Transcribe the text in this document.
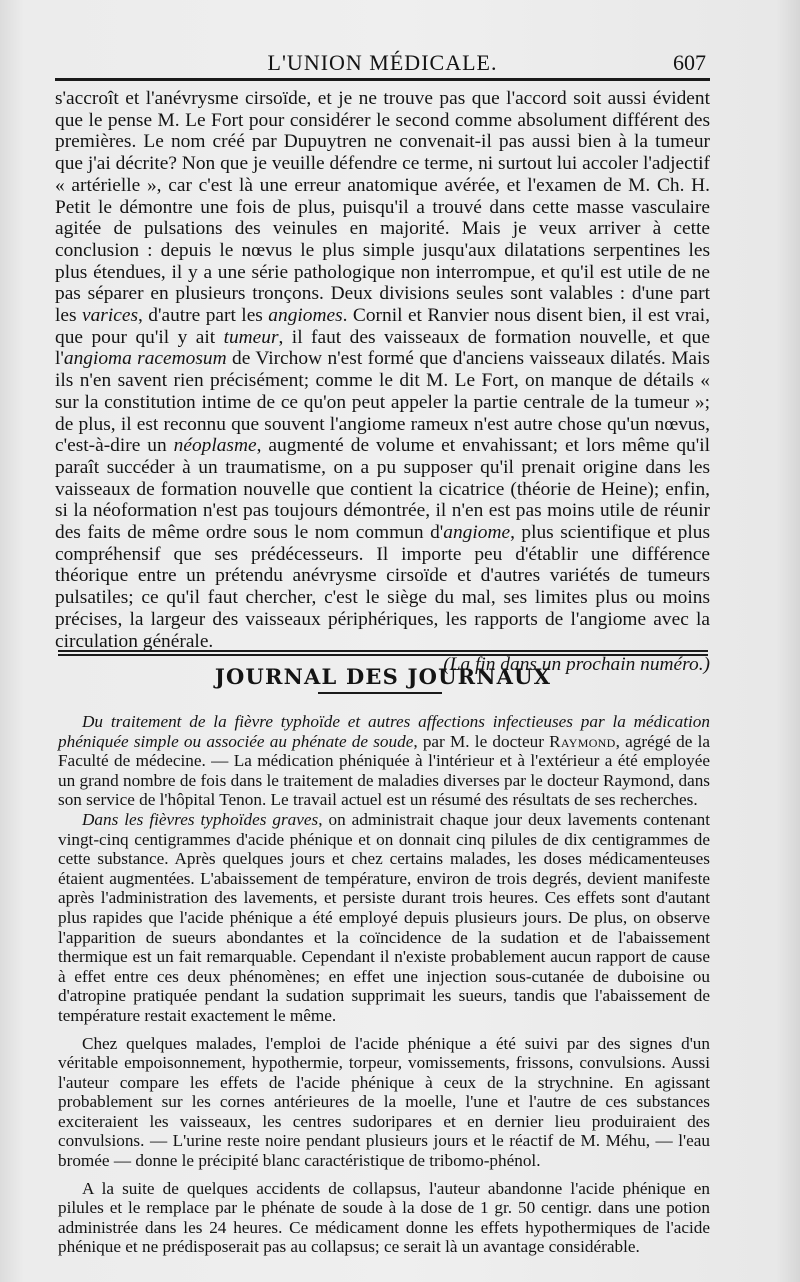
L'UNION MÉDICALE.	607

s'accroît et l'anévrysme cirsoïde, et je ne trouve pas que l'accord soit aussi évident que le pense M. Le Fort pour considérer le second comme absolument différent des premières. Le nom créé par Dupuytren ne convenait-il pas aussi bien à la tumeur que j'ai décrite? Non que je veuille défendre ce terme, ni surtout lui accoler l'adjectif « artérielle », car c'est là une erreur anatomique avérée, et l'examen de M. Ch. H. Petit le démontre une fois de plus, puisqu'il a trouvé dans cette masse vasculaire agitée de pulsations des veinules en majorité. Mais je veux arriver à cette conclusion : depuis le nœvus le plus simple jusqu'aux dilatations serpentines les plus étendues, il y a une série pathologique non interrompue, et qu'il est utile de ne pas séparer en plusieurs tronçons. Deux divisions seules sont valables : d'une part les varices, d'autre part les angiomes. Cornil et Ranvier nous disent bien, il est vrai, que pour qu'il y ait tumeur, il faut des vaisseaux de formation nouvelle, et que l'angioma racemosum de Virchow n'est formé que d'anciens vaisseaux dilatés. Mais ils n'en savent rien précisément; comme le dit M. Le Fort, on manque de détails « sur la constitution intime de ce qu'on peut appeler la partie centrale de la tumeur »; de plus, il est reconnu que souvent l'angiome rameux n'est autre chose qu'un nœvus, c'est-à-dire un néoplasme, augmenté de volume et envahissant; et lors même qu'il paraît succéder à un traumatisme, on a pu supposer qu'il prenait origine dans les vaisseaux de formation nouvelle que contient la cicatrice (théorie de Heine); enfin, si la néoformation n'est pas toujours démontrée, il n'en est pas moins utile de réunir des faits de même ordre sous le nom commun d'angiome, plus scientifique et plus compréhensif que ses prédécesseurs. Il importe peu d'établir une différence théorique entre un prétendu anévrysme cirsoïde et d'autres variétés de tumeurs pulsatiles; ce qu'il faut chercher, c'est le siège du mal, ses limites plus ou moins précises, la largeur des vaisseaux périphériques, les rapports de l'angiome avec la circulation générale.

(La fin dans un prochain numéro.)

JOURNAL DES JOURNAUX

Du traitement de la fièvre typhoïde et autres affections infectieuses par la médication phéniquée simple ou associée au phénate de soude, par M. le docteur Raymond, agrégé de la Faculté de médecine. — La médication phéniquée à l'intérieur et à l'extérieur a été employée un grand nombre de fois dans le traitement de maladies diverses par le docteur Raymond, dans son service de l'hôpital Tenon. Le travail actuel est un résumé des résultats de ses recherches.

Dans les fièvres typhoïdes graves, on administrait chaque jour deux lavements contenant vingt-cinq centigrammes d'acide phénique et on donnait cinq pilules de dix centigrammes de cette substance. Après quelques jours et chez certains malades, les doses médicamenteuses étaient augmentées. L'abaissement de température, environ de trois degrés, devient manifeste après l'administration des lavements, et persiste durant trois heures. Ces effets sont d'autant plus rapides que l'acide phénique a été employé depuis plusieurs jours. De plus, on observe l'apparition de sueurs abondantes et la coïncidence de la sudation et de l'abaissement thermique est un fait remarquable. Cependant il n'existe probablement aucun rapport de cause à effet entre ces deux phénomènes; en effet une injection sous-cutanée de duboisine ou d'atropine pratiquée pendant la sudation supprimait les sueurs, tandis que l'abaissement de température restait exactement le même.

Chez quelques malades, l'emploi de l'acide phénique a été suivi par des signes d'un véritable empoisonnement, hypothermie, torpeur, vomissements, frissons, convulsions. Aussi l'auteur compare les effets de l'acide phénique à ceux de la strychnine. En agissant probablement sur les cornes antérieures de la moelle, l'une et l'autre de ces substances exciteraient les vaisseaux, les centres sudoripares et en dernier lieu produiraient des convulsions. — L'urine reste noire pendant plusieurs jours et le réactif de M. Méhu, — l'eau bromée — donne le précipité blanc caractéristique de tribomo-phénol.

A la suite de quelques accidents de collapsus, l'auteur abandonne l'acide phénique en pilules et le remplace par le phénate de soude à la dose de 1 gr. 50 centigr. dans une potion administrée dans les 24 heures. Ce médicament donne les effets hypothermiques de l'acide phénique et ne prédisposerait pas au collapsus; ce serait là un avantage considérable.
